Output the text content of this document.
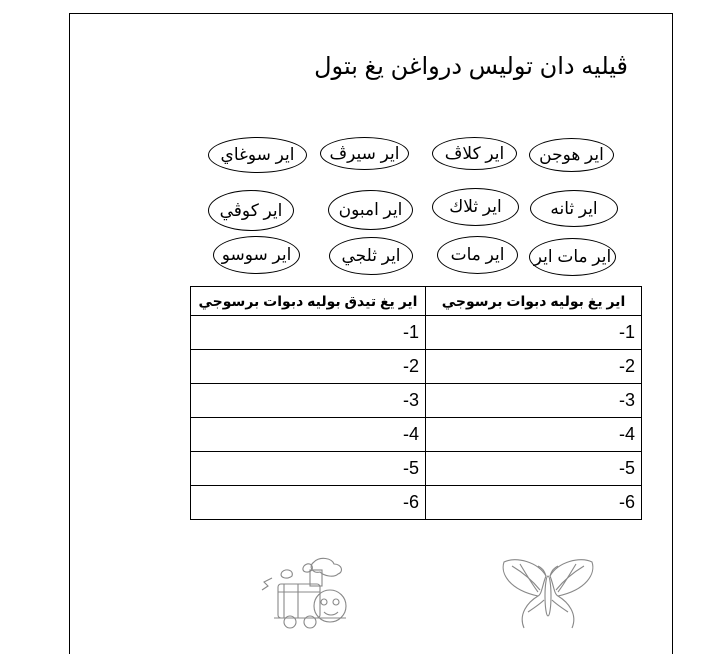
ڤيليه دان توليس درواغن يغ بتول
اير هوجن
اير كلاڤ
اير سيرڤ
اير سوغاي
اير ثانه
اير ثلاك
اير امبون
اير كوڤي
اير مات اير
اير مات
اير ثلجي
اير سوسو
اير يغ بوليه دبوات برسوجي	اير يغ تيدق بوليه دبوات برسوجي
1-	1-
2-	2-
3-	3-
4-	4-
5-	5-
6-	6-
